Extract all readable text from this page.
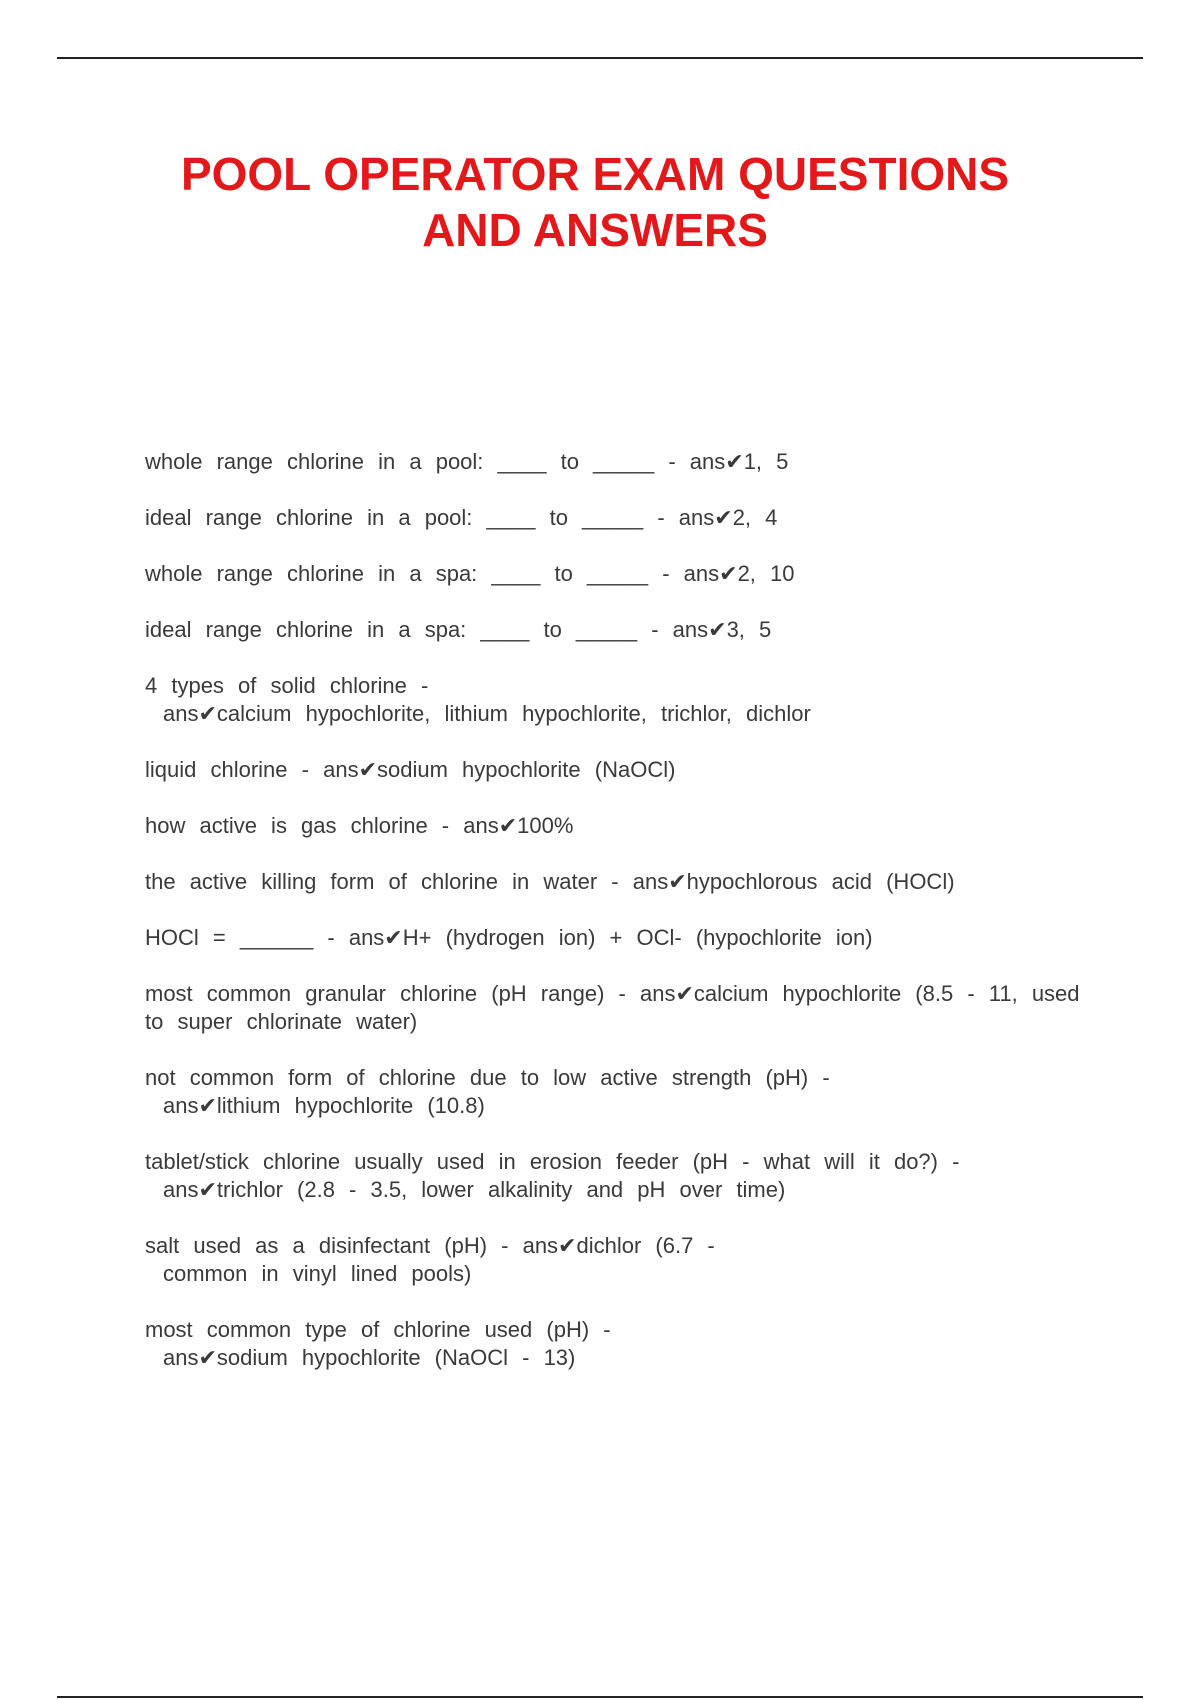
POOL OPERATOR EXAM QUESTIONS
AND ANSWERS
whole range chlorine in a pool: ____ to _____ - ans✔1, 5
ideal range chlorine in a pool: ____ to _____ - ans✔2, 4
whole range chlorine in a spa: ____ to _____ - ans✔2, 10
ideal range chlorine in a spa: ____ to _____ - ans✔3, 5
4 types of solid chlorine -
ans✔calcium hypochlorite, lithium hypochlorite, trichlor, dichlor
liquid chlorine - ans✔sodium hypochlorite (NaOCl)
how active is gas chlorine - ans✔100%
the active killing form of chlorine in water - ans✔hypochlorous acid (HOCl)
HOCl = ______ - ans✔H+ (hydrogen ion) + OCl- (hypochlorite ion)
most common granular chlorine (pH range) - ans✔calcium hypochlorite (8.5 - 11, used to super chlorinate water)
not common form of chlorine due to low active strength (pH) -
ans✔lithium hypochlorite (10.8)
tablet/stick chlorine usually used in erosion feeder (pH - what will it do?) -
ans✔trichlor (2.8 - 3.5, lower alkalinity and pH over time)
salt used as a disinfectant (pH) - ans✔dichlor (6.7 -
common in vinyl lined pools)
most common type of chlorine used (pH) -
ans✔sodium hypochlorite (NaOCl - 13)
